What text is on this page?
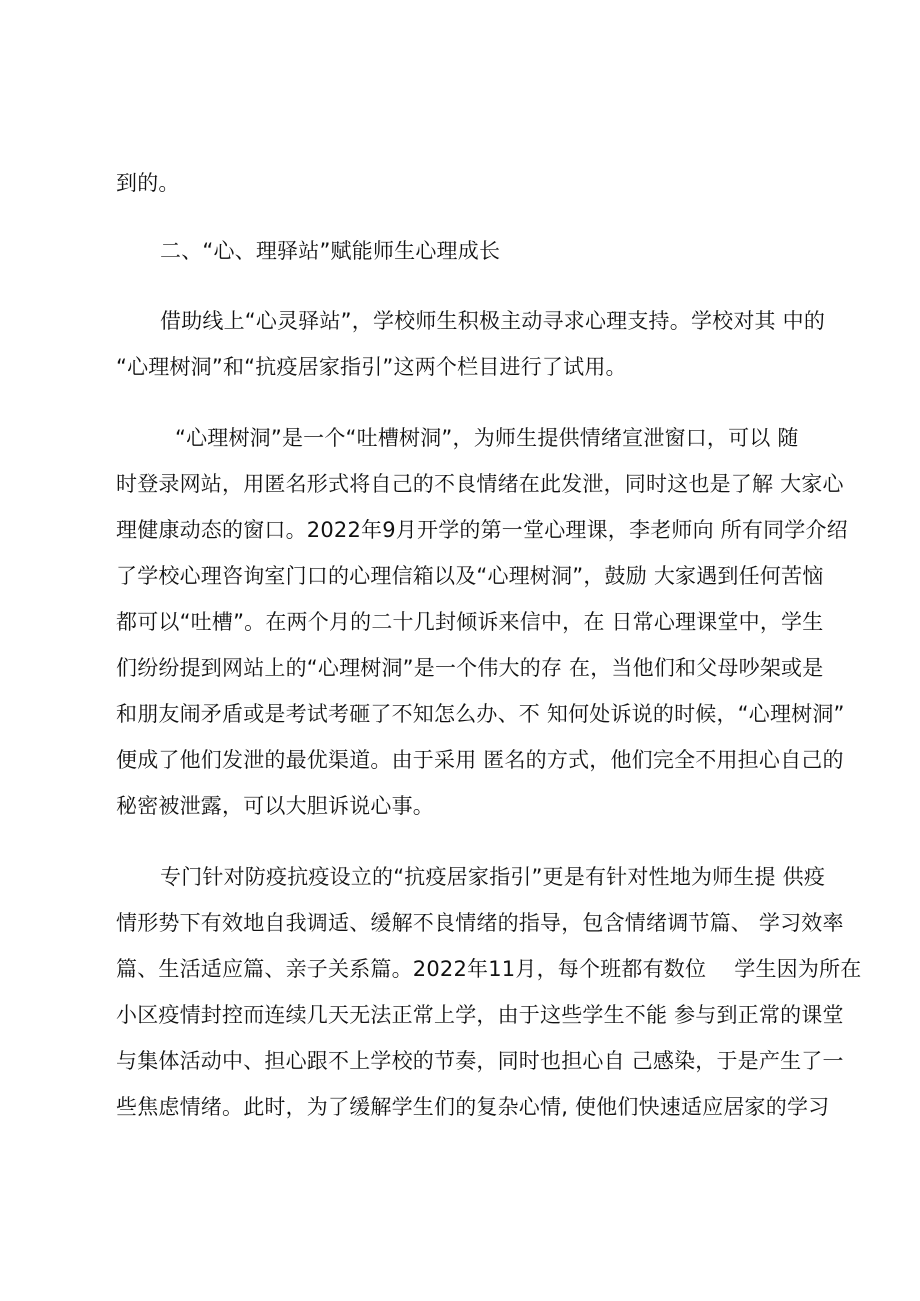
到的。
二、“心、理驿站”赋能师生心理成长
借助线上“心灵驿站”，学校师生积极主动寻求心理支持。学校对其 中的
“心理树洞”和“抗疫居家指引”这两个栏目进行了试用。
“心理树洞”是一个“吐槽树洞”，为师生提供情绪宣泄窗口，可以 随
时登录网站，用匿名形式将自己的不良情绪在此发泄，同时这也是了解 大家心
理健康动态的窗口。2022年9月开学的第一堂心理课，李老师向 所有同学介绍
了学校心理咨询室门口的心理信箱以及“心理树洞”，鼓励 大家遇到任何苦恼
都可以“吐槽”。在两个月的二十几封倾诉来信中，在 日常心理课堂中，学生
们纷纷提到网站上的“心理树洞”是一个伟大的存 在，当他们和父母吵架或是
和朋友闹矛盾或是考试考砸了不知怎么办、不 知何处诉说的时候，“心理树洞”
便成了他们发泄的最优渠道。由于采用 匿名的方式，他们完全不用担心自己的
秘密被泄露，可以大胆诉说心事。
专门针对防疫抗疫设立的“抗疫居家指引”更是有针对性地为师生提 供疫
情形势下有效地自我调适、缓解不良情绪的指导，包含情绪调节篇、 学习效率
篇、生活适应篇、亲子关系篇。2022年11月，每个班都有数位　 学生因为所在
小区疫情封控而连续几天无法正常上学，由于这些学生不能 参与到正常的课堂
与集体活动中、担心跟不上学校的节奏，同时也担心自 己感染，于是产生了一
些焦虑情绪。此时，为了缓解学生们的复杂心情, 使他们快速适应居家的学习
